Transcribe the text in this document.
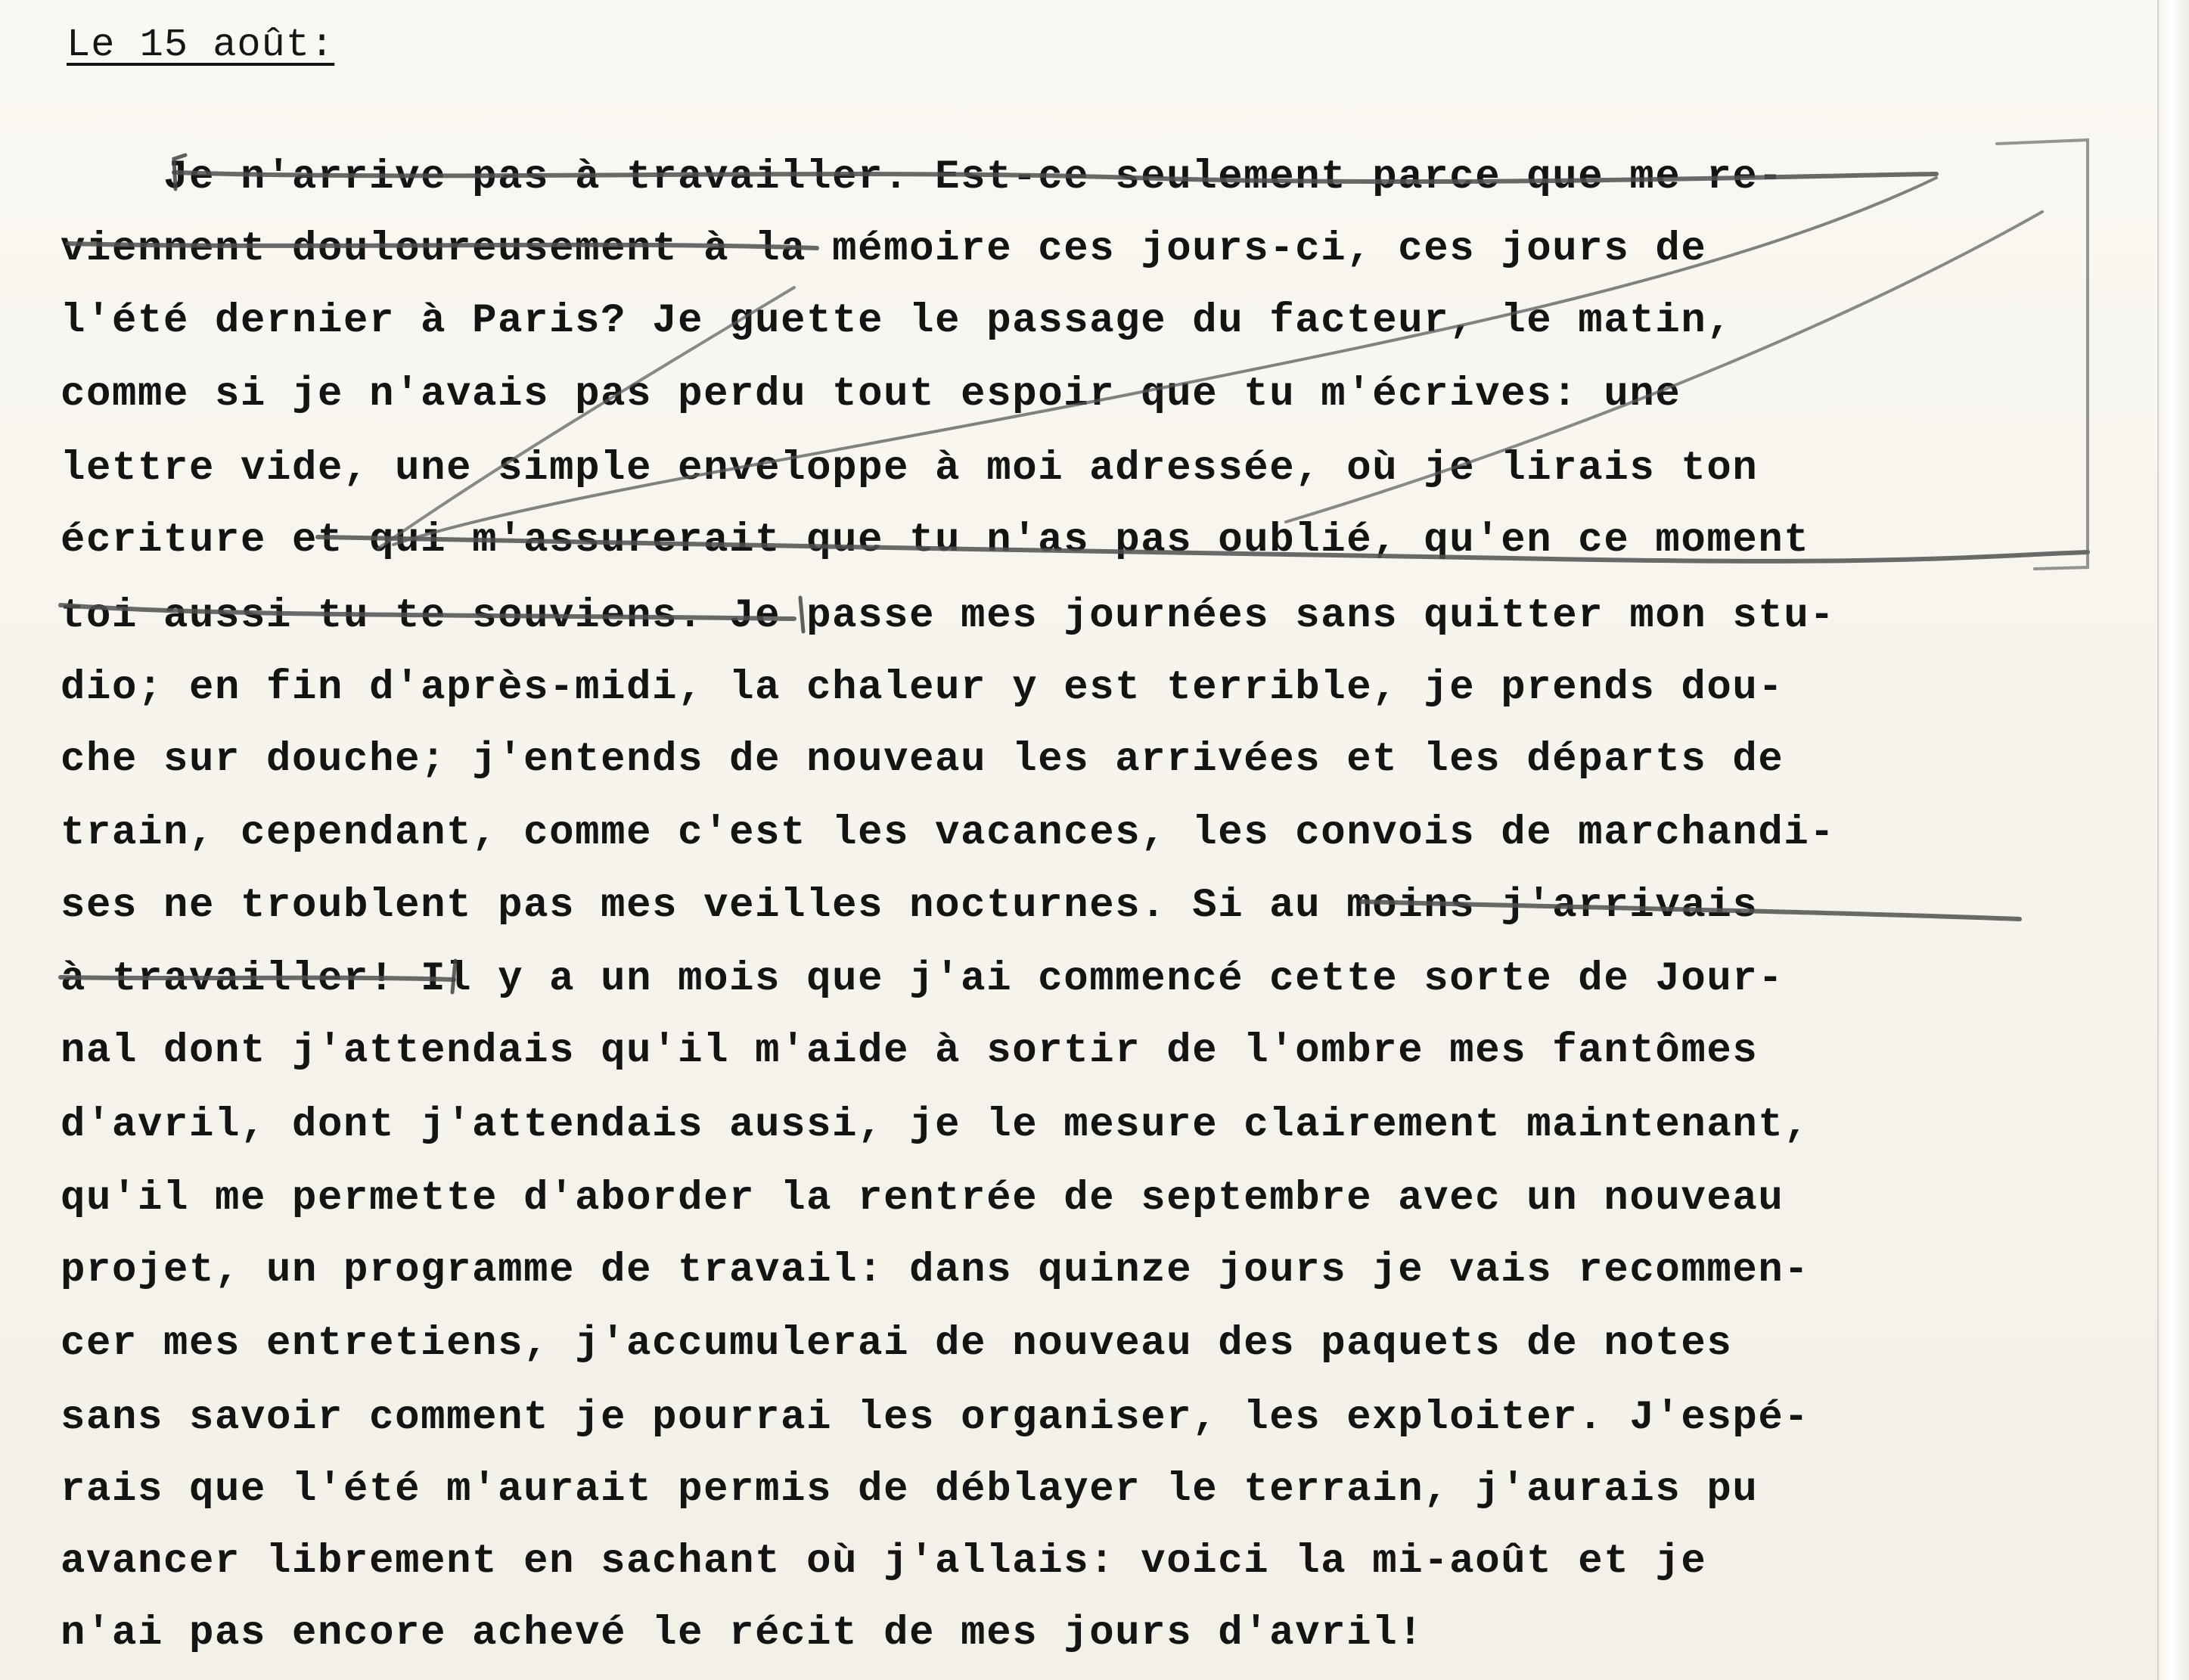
Le 15 août:

Je n'arrive pas à travailler. Est-ce seulement parce que me re-

viennent douloureusement à la mémoire ces jours-ci, ces jours de

l'été dernier à Paris? Je guette le passage du facteur, le matin,

comme si je n'avais pas perdu tout espoir que tu m'écrives: une

lettre vide, une simple enveloppe à moi adressée, où je lirais ton

écriture et qui m'assurerait que tu n'as pas oublié, qu'en ce moment

toi aussi tu te souviens. Je passe mes journées sans quitter mon stu-

dio; en fin d'après-midi, la chaleur y est terrible, je prends dou-

che sur douche; j'entends de nouveau les arrivées et les départs de

train, cependant, comme c'est les vacances, les convois de marchandi-

ses ne troublent pas mes veilles nocturnes. Si au moins j'arrivais

à travailler! Il y a un mois que j'ai commencé cette sorte de Jour-

nal dont j'attendais qu'il m'aide à sortir de l'ombre mes fantômes

d'avril, dont j'attendais aussi, je le mesure clairement maintenant,

qu'il me permette d'aborder la rentrée de septembre avec un nouveau

projet, un programme de travail: dans quinze jours je vais recommen-

cer mes entretiens, j'accumulerai de nouveau des paquets de notes

sans savoir comment je pourrai les organiser, les exploiter. J'espé-

rais que l'été m'aurait permis de déblayer le terrain, j'aurais pu

avancer librement en sachant où j'allais: voici la mi-août et je

n'ai pas encore achevé le récit de mes jours d'avril!
